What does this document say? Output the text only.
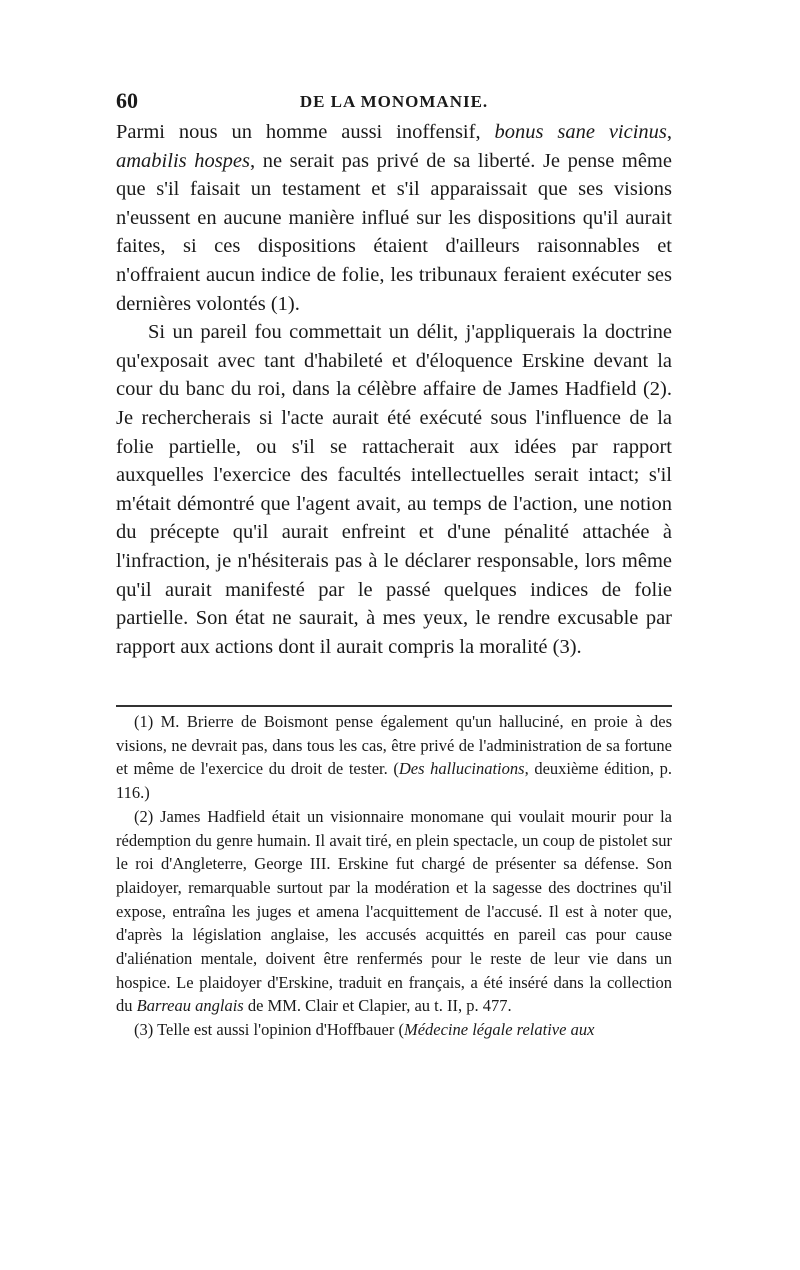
60	DE LA MONOMANIE.

Parmi nous un homme aussi inoffensif, bonus sane vicinus, amabilis hospes, ne serait pas privé de sa liberté. Je pense même que s'il faisait un testament et s'il apparaissait que ses visions n'eussent en aucune manière influé sur les dispositions qu'il aurait faites, si ces dispositions étaient d'ailleurs raisonnables et n'offraient aucun indice de folie, les tribunaux feraient exécuter ses dernières volontés (1).

Si un pareil fou commettait un délit, j'appliquerais la doctrine qu'exposait avec tant d'habileté et d'éloquence Erskine devant la cour du banc du roi, dans la célèbre affaire de James Hadfield (2). Je rechercherais si l'acte aurait été exécuté sous l'influence de la folie partielle, ou s'il se rattacherait aux idées par rapport auxquelles l'exercice des facultés intellectuelles serait intact; s'il m'était démontré que l'agent avait, au temps de l'action, une notion du précepte qu'il aurait enfreint et d'une pénalité attachée à l'infraction, je n'hésiterais pas à le déclarer responsable, lors même qu'il aurait manifesté par le passé quelques indices de folie partielle. Son état ne saurait, à mes yeux, le rendre excusable par rapport aux actions dont il aurait compris la moralité (3).

(1) M. Brierre de Boismont pense également qu'un halluciné, en proie à des visions, ne devrait pas, dans tous les cas, être privé de l'administration de sa fortune et même de l'exercice du droit de tester. (Des hallucinations, deuxième édition, p. 116.)

(2) James Hadfield était un visionnaire monomane qui voulait mourir pour la rédemption du genre humain. Il avait tiré, en plein spectacle, un coup de pistolet sur le roi d'Angleterre, George III. Erskine fut chargé de présenter sa défense. Son plaidoyer, remarquable surtout par la modération et la sagesse des doctrines qu'il expose, entraîna les juges et amena l'acquittement de l'accusé. Il est à noter que, d'après la législation anglaise, les accusés acquittés en pareil cas pour cause d'aliénation mentale, doivent être renfermés pour le reste de leur vie dans un hospice. Le plaidoyer d'Erskine, traduit en français, a été inséré dans la collection du Barreau anglais de MM. Clair et Clapier, au t. II, p. 477.

(3) Telle est aussi l'opinion d'Hoffbauer (Médecine légale relative aux
